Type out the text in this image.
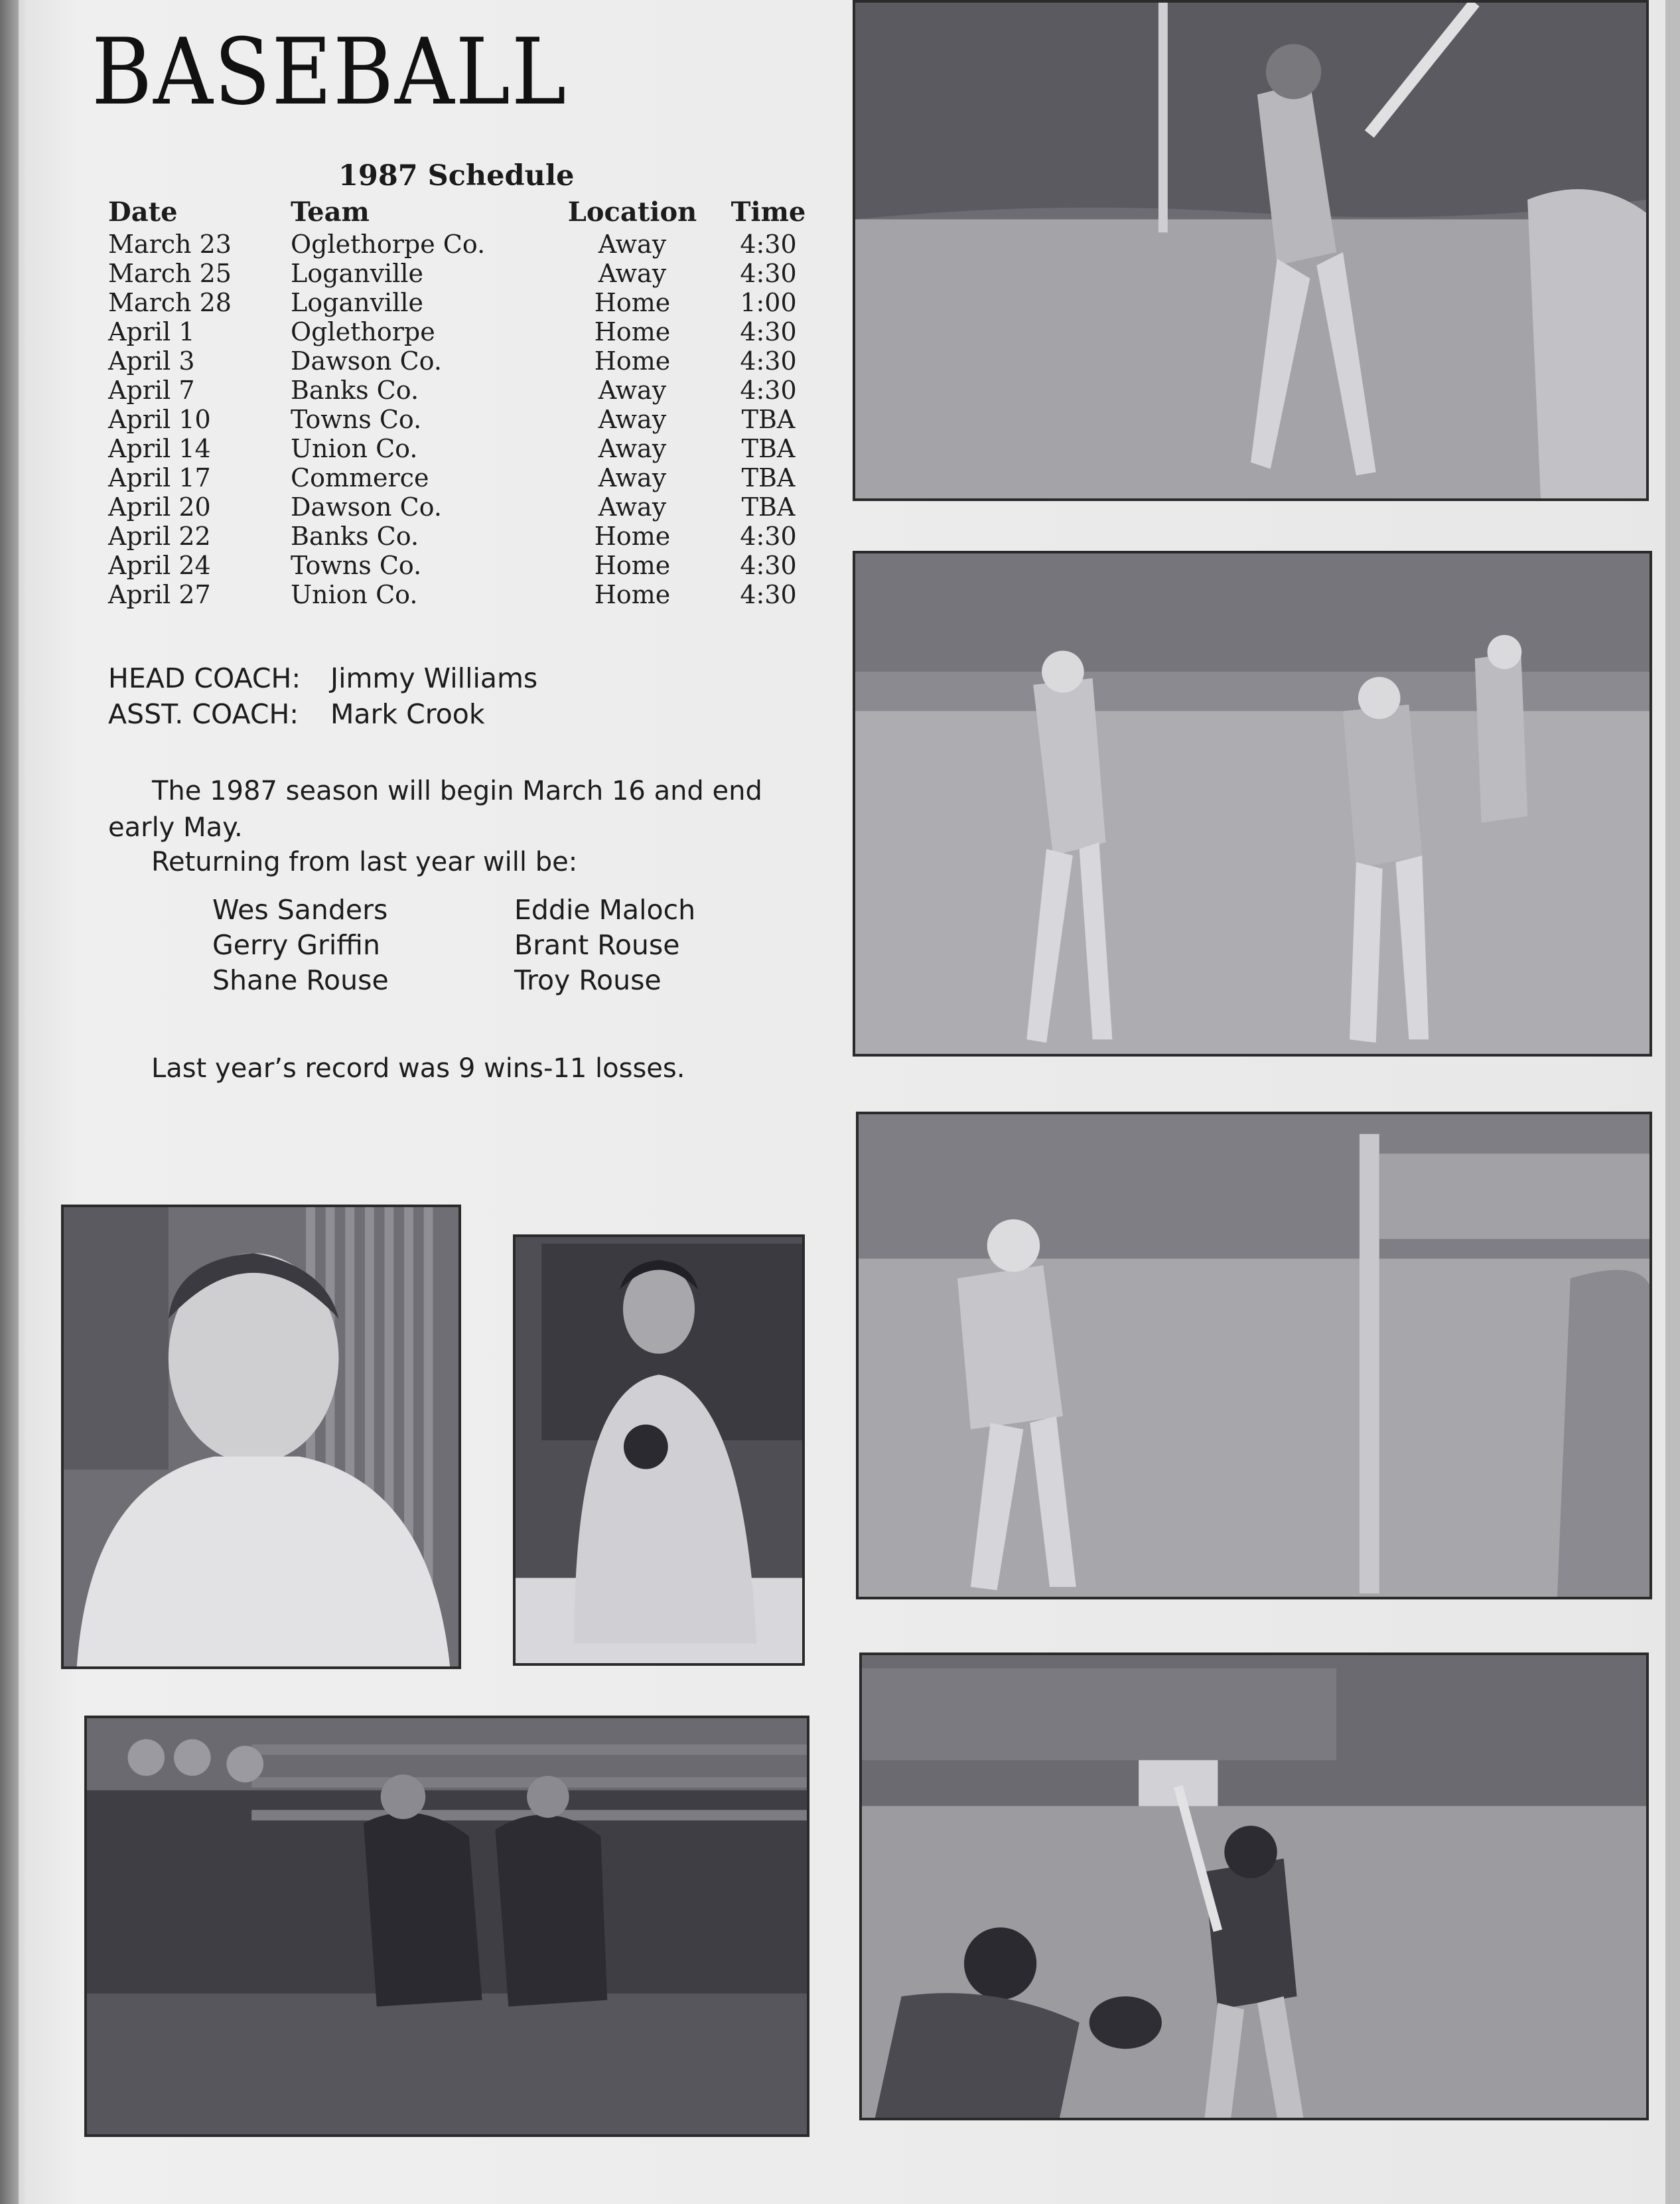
BASEBALL
1987 Schedule
Date	Team	Location	Time
March 23 Oglethorpe Co.	Away	4:30
March 25 Loganville	Away	4:30
March 28 Loganville	Home	1:00
April 1	Oglethorpe	Home	4:30
April 3	Dawson Co.	Home	4:30
April 7	Banks Co.	Away	4:30
April 10	Towns Co.	Away	TBA
April 14	Union Co.	Away	TBA
April 17	Commerce	Away	TBA
April 20	Dawson Co.	Away	TBA
April 22	Banks Co.	Home	4:30
April 24	Towns Co.	Home	4:30
April 27	Union Co.	Home	4:30
HEAD COACH: Jimmy Williams
ASST. COACH: Mark Crook
The 1987 season will begin March 16 and end early May.
Returning from last year will be:
Wes Sanders
Gerry Griffin
Shane Rouse
Eddie Maloch
Brant Rouse
Troy Rouse
Last year’s record was 9 wins-11 losses.
